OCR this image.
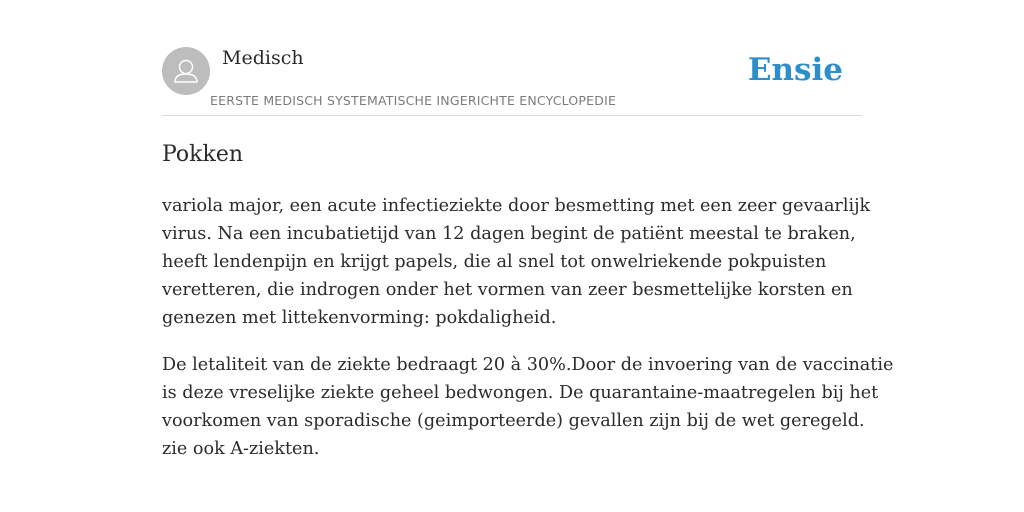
Medisch
EERSTE MEDISCH SYSTEMATISCHE INGERICHTE ENCYCLOPEDIE
Ensie
Pokken

variola major, een acute infectieziekte door besmetting met een zeer gevaarlijk
virus. Na een incubatietijd van 12 dagen begint de patiënt meestal te braken,
heeft lendenpijn en krijgt papels, die al snel tot onwelriekende pokpuisten
veretteren, die indrogen onder het vormen van zeer besmettelijke korsten en
genezen met littekenvorming: pokdaligheid.

De letaliteit van de ziekte bedraagt 20 à 30%.Door de invoering van de vaccinatie
is deze vreselijke ziekte geheel bedwongen. De quarantaine-maatregelen bij het
voorkomen van sporadische (geimporteerde) gevallen zijn bij de wet geregeld.
zie ook A-ziekten.
